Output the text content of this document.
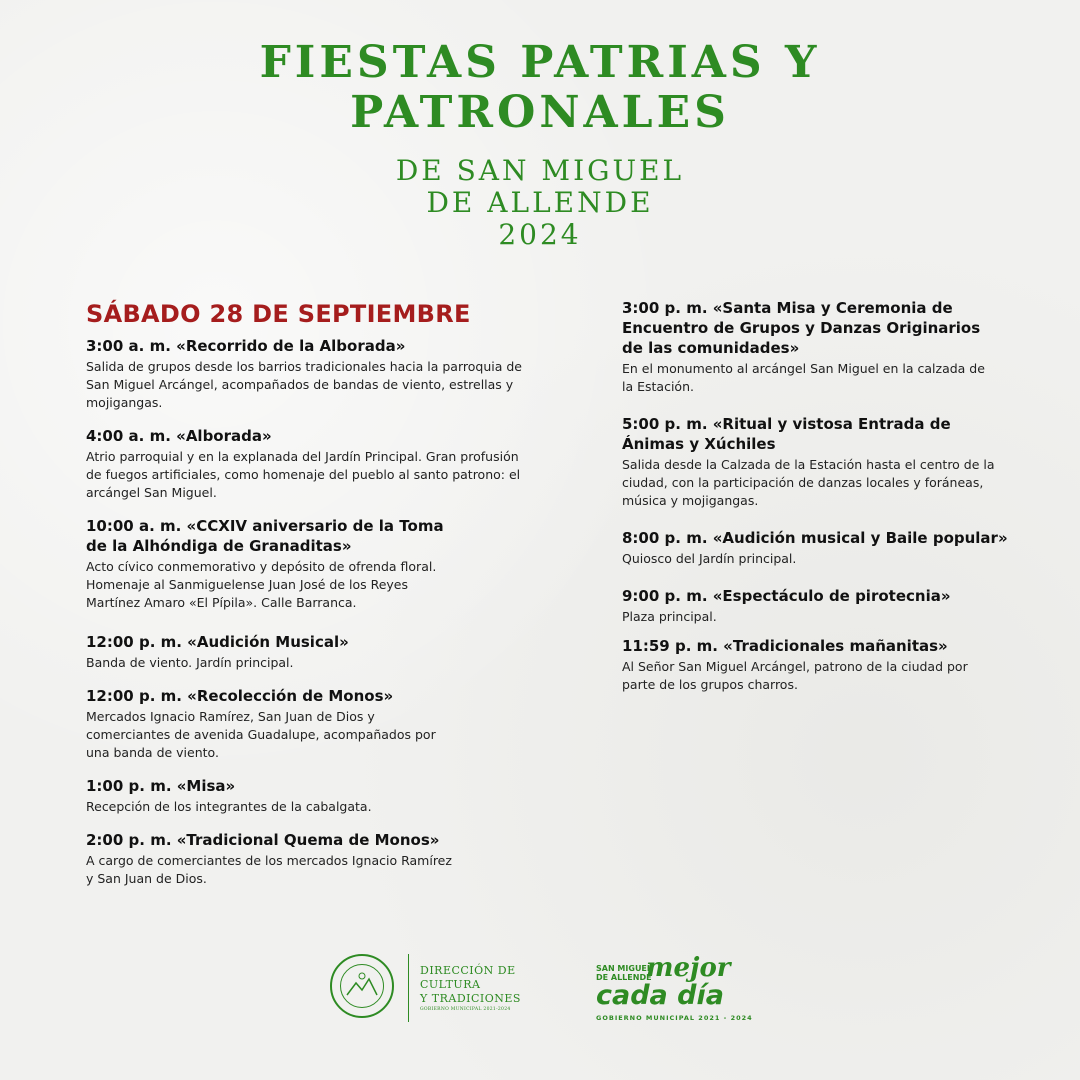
FIESTAS PATRIAS Y
PATRONALES
DE SAN MIGUEL
DE ALLENDE
2024
SÁBADO 28 DE SEPTIEMBRE
3:00 a. m. «Recorrido de la Alborada»
Salida de grupos desde los barrios tradicionales hacia la parroquia de San Miguel Arcángel, acompañados de bandas de viento, estrellas y mojigangas.
4:00 a. m. «Alborada»
Atrio parroquial y en la explanada del Jardín Principal. Gran profusión de fuegos artificiales, como homenaje del pueblo al santo patrono: el arcángel San Miguel.
10:00 a. m. «CCXIV aniversario de la Toma de la Alhóndiga de Granaditas»
Acto cívico conmemorativo y depósito de ofrenda floral. Homenaje al Sanmiguelense Juan José de los Reyes Martínez Amaro «El Pípila». Calle Barranca.
12:00 p. m. «Audición Musical»
Banda de viento. Jardín principal.
12:00 p. m. «Recolección de Monos»
Mercados Ignacio Ramírez, San Juan de Dios y comerciantes de avenida Guadalupe, acompañados por una banda de viento.
1:00 p. m. «Misa»
Recepción de los integrantes de la cabalgata.
2:00 p. m. «Tradicional Quema de Monos»
A cargo de comerciantes de los mercados Ignacio Ramírez y San Juan de Dios.
3:00 p. m. «Santa Misa y Ceremonia de Encuentro de Grupos y Danzas Originarios de las comunidades»
En el monumento al arcángel San Miguel en la calzada de la Estación.
5:00 p. m. «Ritual y vistosa Entrada de Ánimas y Xúchiles
Salida desde la Calzada de la Estación hasta el centro de la ciudad, con la participación de danzas locales y foráneas, música y mojigangas.
8:00 p. m. «Audición musical y Baile popular»
Quiosco del Jardín principal.
9:00 p. m. «Espectáculo de pirotecnia»
Plaza principal.
11:59 p. m. «Tradicionales mañanitas»
Al Señor San Miguel Arcángel, patrono de la ciudad por parte de los grupos charros.
DIRECCIÓN DE
CULTURA
Y TRADICIONES
GOBIERNO MUNICIPAL 2021-2024
SAN MIGUEL
DE ALLENDE
mejor
cada día
GOBIERNO MUNICIPAL 2021 - 2024
